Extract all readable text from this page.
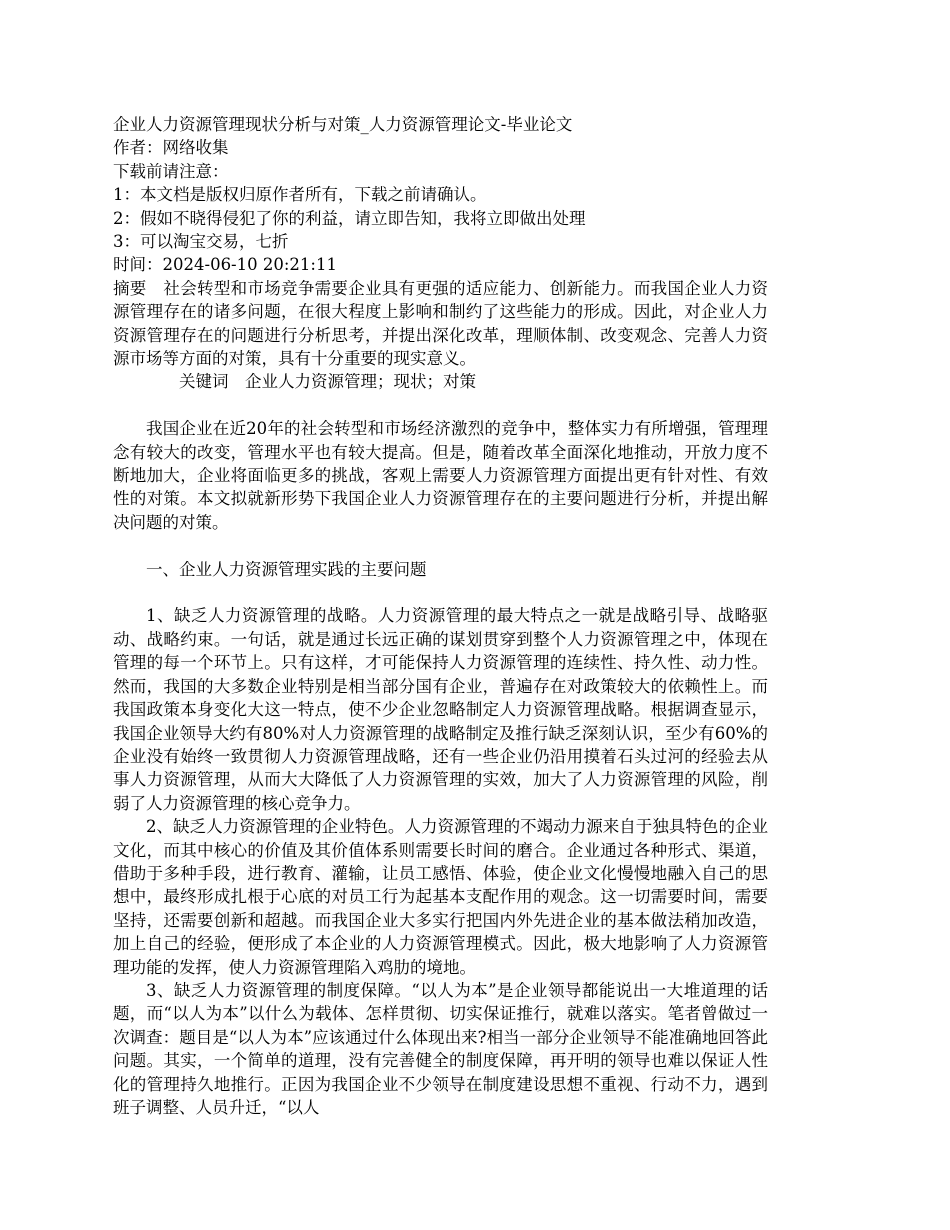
企业人力资源管理现状分析与对策_人力资源管理论文-毕业论文

作者：网络收集

下载前请注意：

1：本文档是版权归原作者所有，下载之前请确认。

2：假如不晓得侵犯了你的利益，请立即告知，我将立即做出处理

3：可以淘宝交易，七折

时间：2024-06-10 20:21:11

摘要　社会转型和市场竞争需要企业具有更强的适应能力、创新能力。而我国企业人力资源管理存在的诸多问题，在很大程度上影响和制约了这些能力的形成。因此，对企业人力资源管理存在的问题进行分析思考，并提出深化改革，理顺体制、改变观念、完善人力资源市场等方面的对策，具有十分重要的现实意义。

关键词 企业人力资源管理；现状；对策

我国企业在近20年的社会转型和市场经济激烈的竞争中，整体实力有所增强，管理理念有较大的改变，管理水平也有较大提高。但是，随着改革全面深化地推动，开放力度不断地加大，企业将面临更多的挑战，客观上需要人力资源管理方面提出更有针对性、有效性的对策。本文拟就新形势下我国企业人力资源管理存在的主要问题进行分析，并提出解决问题的对策。

一、企业人力资源管理实践的主要问题

1、缺乏人力资源管理的战略。人力资源管理的最大特点之一就是战略引导、战略驱动、战略约束。一句话，就是通过长远正确的谋划贯穿到整个人力资源管理之中，体现在管理的每一个环节上。只有这样，才可能保持人力资源管理的连续性、持久性、动力性。然而，我国的大多数企业特别是相当部分国有企业，普遍存在对政策较大的依赖性上。而我国政策本身变化大这一特点，使不少企业忽略制定人力资源管理战略。根据调查显示，我国企业领导大约有80%对人力资源管理的战略制定及推行缺乏深刻认识，至少有60%的企业没有始终一致贯彻人力资源管理战略，还有一些企业仍沿用摸着石头过河的经验去从事人力资源管理，从而大大降低了人力资源管理的实效，加大了人力资源管理的风险，削弱了人力资源管理的核心竞争力。

2、缺乏人力资源管理的企业特色。人力资源管理的不竭动力源来自于独具特色的企业文化，而其中核心的价值及其价值体系则需要长时间的磨合。企业通过各种形式、渠道，借助于多种手段，进行教育、灌输，让员工感悟、体验，使企业文化慢慢地融入自己的思想中，最终形成扎根于心底的对员工行为起基本支配作用的观念。这一切需要时间，需要坚持，还需要创新和超越。而我国企业大多实行把国内外先进企业的基本做法稍加改造，加上自己的经验，便形成了本企业的人力资源管理模式。因此，极大地影响了人力资源管理功能的发挥，使人力资源管理陷入鸡肋的境地。

3、缺乏人力资源管理的制度保障。“以人为本”是企业领导都能说出一大堆道理的话题，而“以人为本”以什么为载体、怎样贯彻、切实保证推行，就难以落实。笔者曾做过一次调查：题目是“以人为本”应该通过什么体现出来?相当一部分企业领导不能准确地回答此问题。其实，一个简单的道理，没有完善健全的制度保障，再开明的领导也难以保证人性化的管理持久地推行。正因为我国企业不少领导在制度建设思想不重视、行动不力，遇到班子调整、人员升迁，“以人
